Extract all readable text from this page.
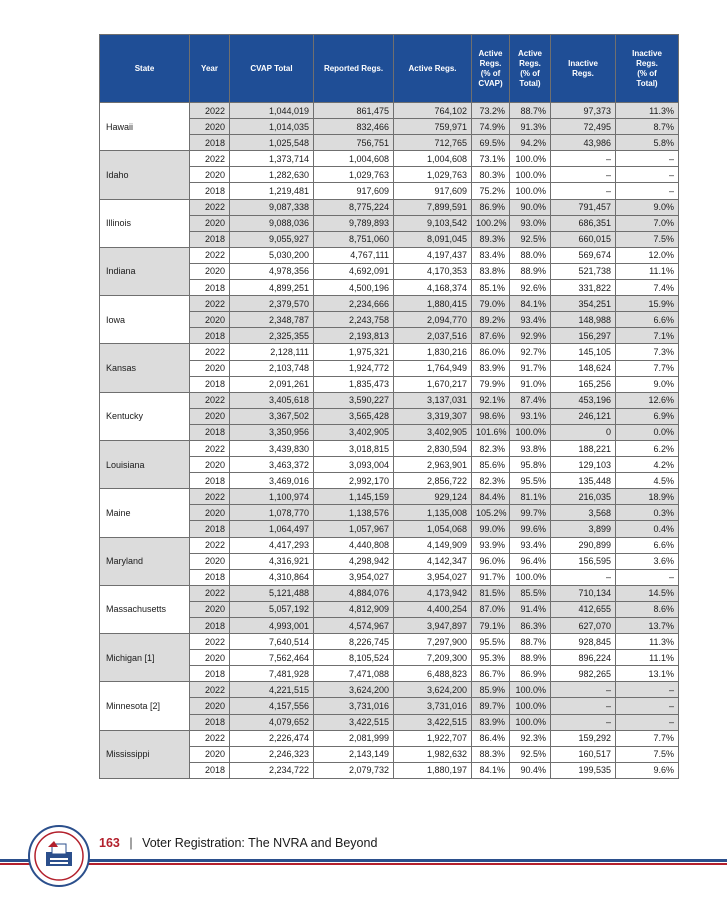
State	Year	CVAP Total	Reported Regs.	Active Regs.	Active
Regs.
(% of
CVAP)	Active
Regs.
(% of
Total)	Inactive
Regs.	Inactive
Regs.
(% of
Total)
Hawaii	2022	1,044,019	861,475	764,102	73.2%	88.7%	97,373	11.3%
	2020	1,014,035	832,466	759,971	74.9%	91.3%	72,495	8.7%
	2018	1,025,548	756,751	712,765	69.5%	94.2%	43,986	5.8%
Idaho	2022	1,373,714	1,004,608	1,004,608	73.1%	100.0%	–	–
	2020	1,282,630	1,029,763	1,029,763	80.3%	100.0%	–	–
	2018	1,219,481	917,609	917,609	75.2%	100.0%	–	–
Illinois	2022	9,087,338	8,775,224	7,899,591	86.9%	90.0%	791,457	9.0%
	2020	9,088,036	9,789,893	9,103,542	100.2%	93.0%	686,351	7.0%
	2018	9,055,927	8,751,060	8,091,045	89.3%	92.5%	660,015	7.5%
Indiana	2022	5,030,200	4,767,111	4,197,437	83.4%	88.0%	569,674	12.0%
	2020	4,978,356	4,692,091	4,170,353	83.8%	88.9%	521,738	11.1%
	2018	4,899,251	4,500,196	4,168,374	85.1%	92.6%	331,822	7.4%
Iowa	2022	2,379,570	2,234,666	1,880,415	79.0%	84.1%	354,251	15.9%
	2020	2,348,787	2,243,758	2,094,770	89.2%	93.4%	148,988	6.6%
	2018	2,325,355	2,193,813	2,037,516	87.6%	92.9%	156,297	7.1%
Kansas	2022	2,128,111	1,975,321	1,830,216	86.0%	92.7%	145,105	7.3%
	2020	2,103,748	1,924,772	1,764,949	83.9%	91.7%	148,624	7.7%
	2018	2,091,261	1,835,473	1,670,217	79.9%	91.0%	165,256	9.0%
Kentucky	2022	3,405,618	3,590,227	3,137,031	92.1%	87.4%	453,196	12.6%
	2020	3,367,502	3,565,428	3,319,307	98.6%	93.1%	246,121	6.9%
	2018	3,350,956	3,402,905	3,402,905	101.6%	100.0%	0	0.0%
Louisiana	2022	3,439,830	3,018,815	2,830,594	82.3%	93.8%	188,221	6.2%
	2020	3,463,372	3,093,004	2,963,901	85.6%	95.8%	129,103	4.2%
	2018	3,469,016	2,992,170	2,856,722	82.3%	95.5%	135,448	4.5%
Maine	2022	1,100,974	1,145,159	929,124	84.4%	81.1%	216,035	18.9%
	2020	1,078,770	1,138,576	1,135,008	105.2%	99.7%	3,568	0.3%
	2018	1,064,497	1,057,967	1,054,068	99.0%	99.6%	3,899	0.4%
Maryland	2022	4,417,293	4,440,808	4,149,909	93.9%	93.4%	290,899	6.6%
	2020	4,316,921	4,298,942	4,142,347	96.0%	96.4%	156,595	3.6%
	2018	4,310,864	3,954,027	3,954,027	91.7%	100.0%	–	–
Massachusetts	2022	5,121,488	4,884,076	4,173,942	81.5%	85.5%	710,134	14.5%
	2020	5,057,192	4,812,909	4,400,254	87.0%	91.4%	412,655	8.6%
	2018	4,993,001	4,574,967	3,947,897	79.1%	86.3%	627,070	13.7%
Michigan [1]	2022	7,640,514	8,226,745	7,297,900	95.5%	88.7%	928,845	11.3%
	2020	7,562,464	8,105,524	7,209,300	95.3%	88.9%	896,224	11.1%
	2018	7,481,928	7,471,088	6,488,823	86.7%	86.9%	982,265	13.1%
Minnesota [2]	2022	4,221,515	3,624,200	3,624,200	85.9%	100.0%	–	–
	2020	4,157,556	3,731,016	3,731,016	89.7%	100.0%	–	–
	2018	4,079,652	3,422,515	3,422,515	83.9%	100.0%	–	–
Mississippi	2022	2,226,474	2,081,999	1,922,707	86.4%	92.3%	159,292	7.7%
	2020	2,246,323	2,143,149	1,982,632	88.3%	92.5%	160,517	7.5%
	2018	2,234,722	2,079,732	1,880,197	84.1%	90.4%	199,535	9.6%
163 | Voter Registration: The NVRA and Beyond
